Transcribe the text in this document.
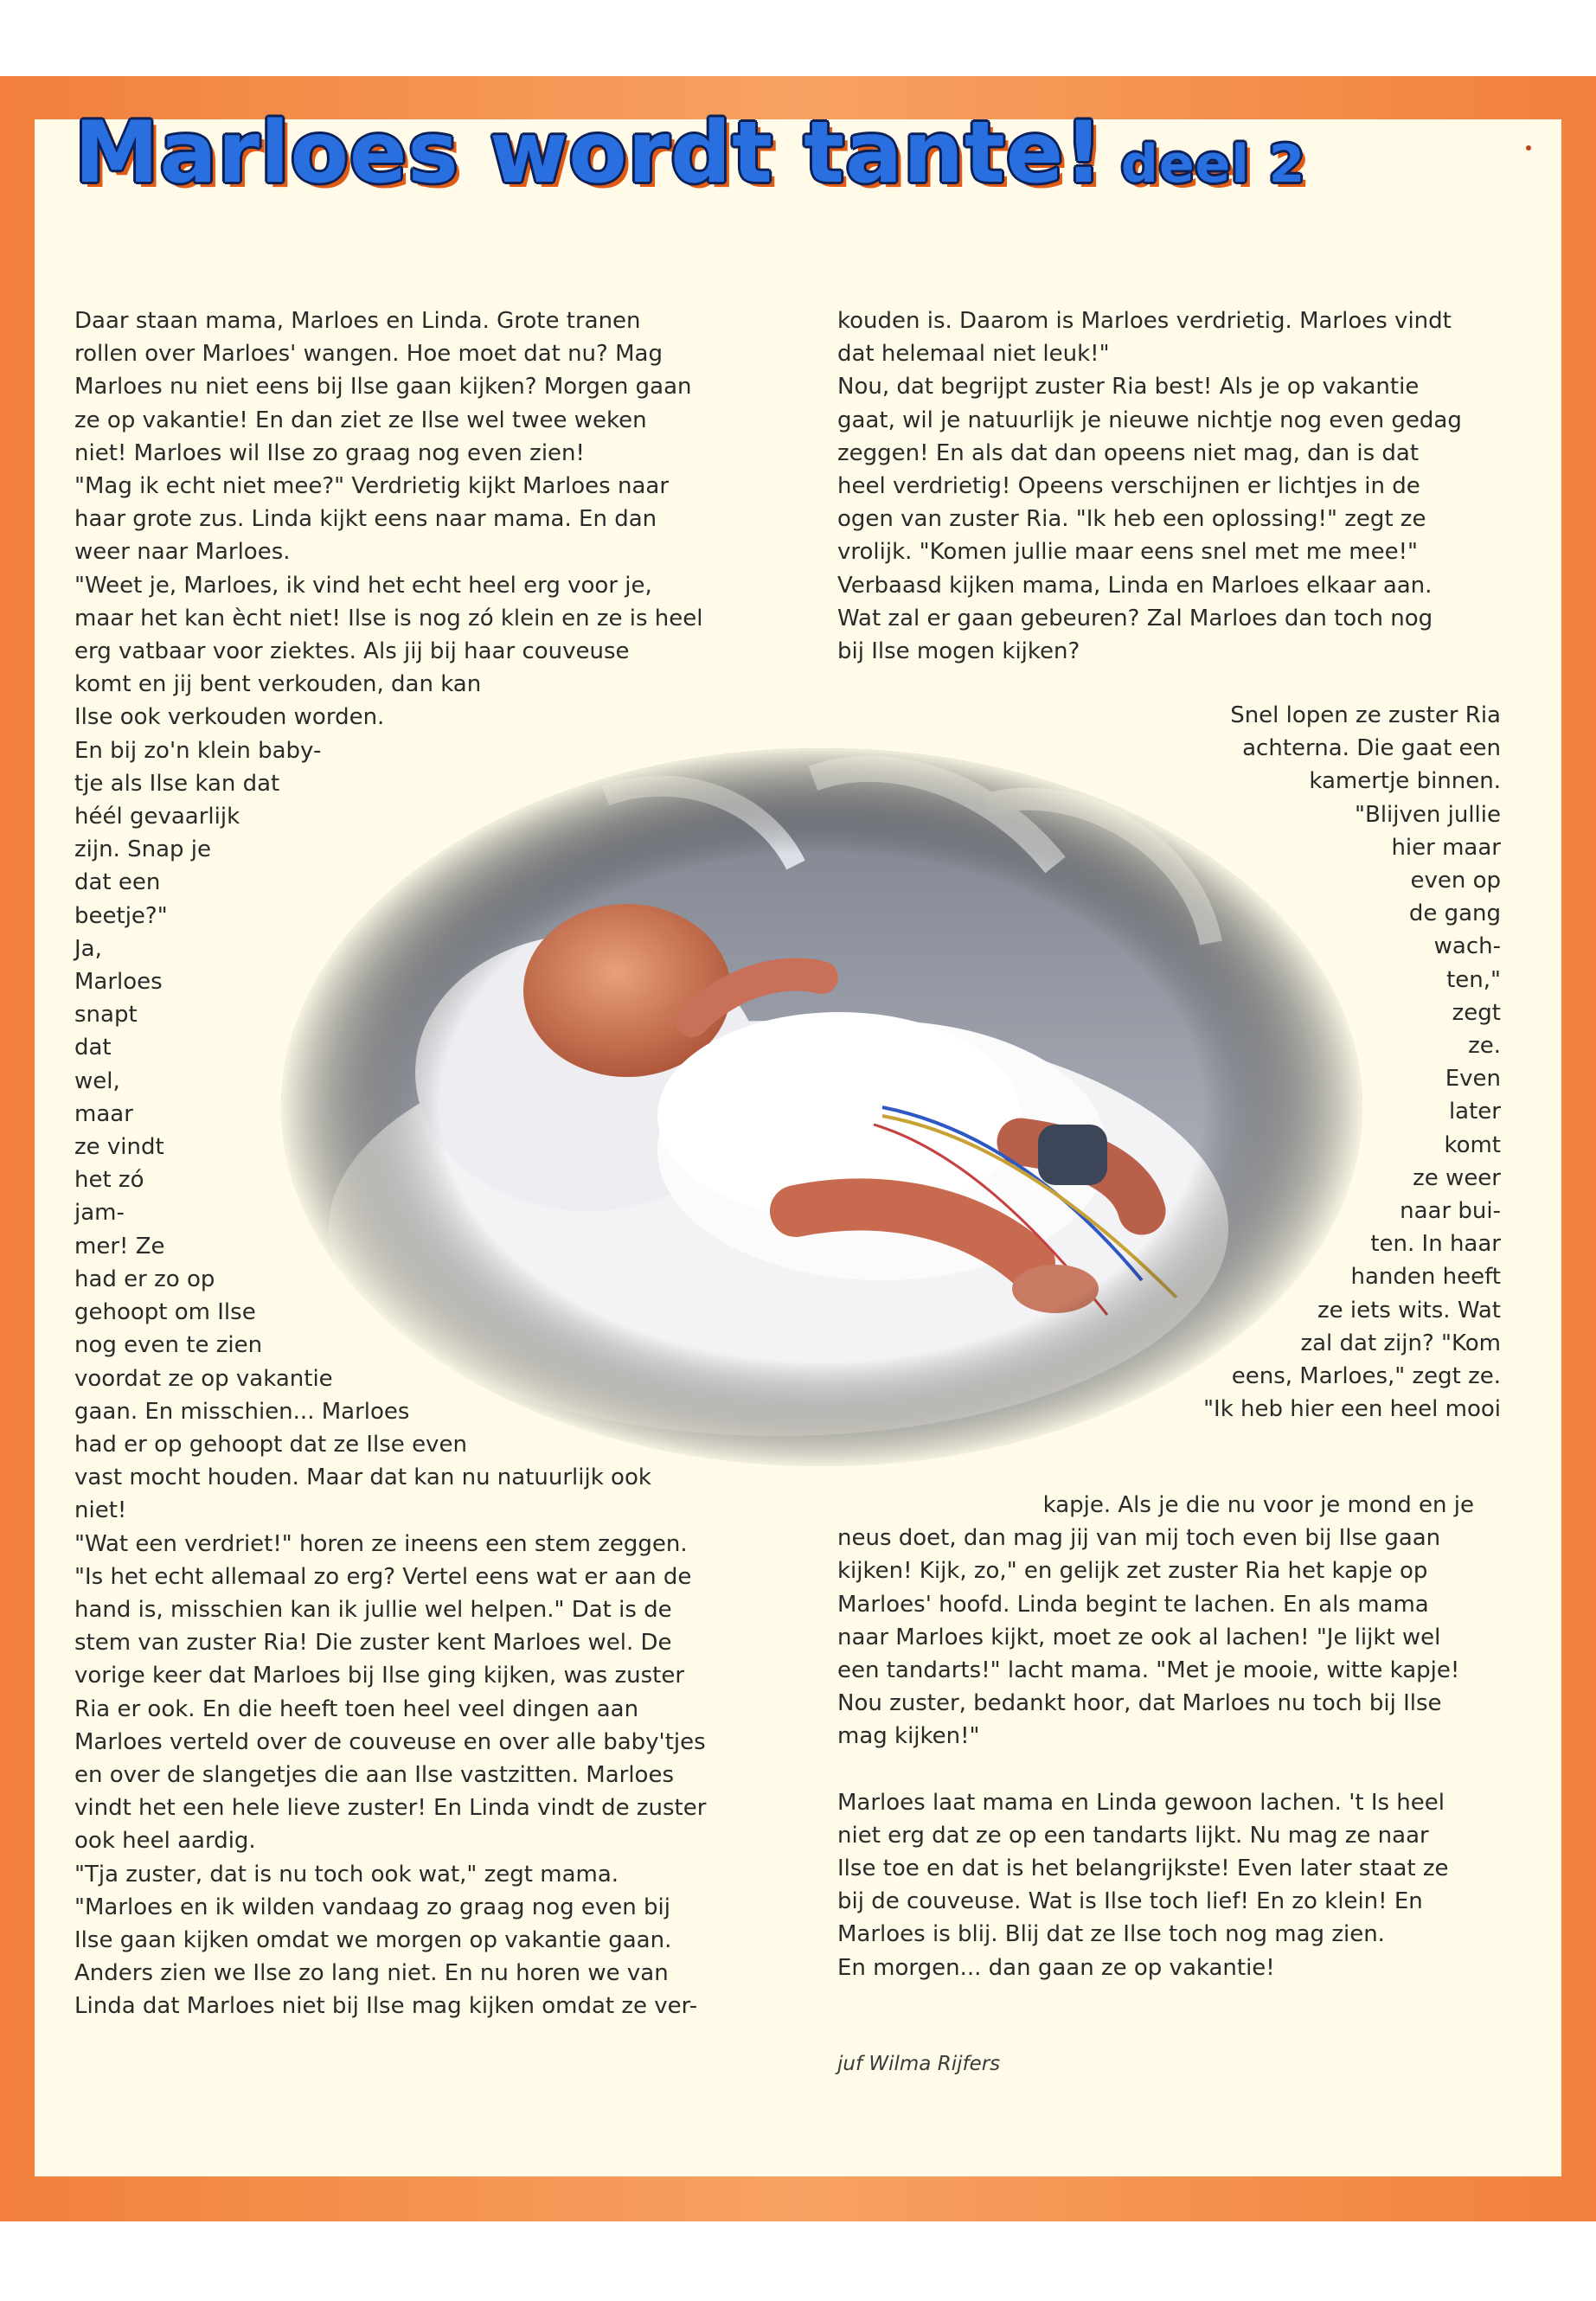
Marloes wordt tante! deel 2
Daar staan mama, Marloes en Linda. Grote tranen
rollen over Marloes' wangen. Hoe moet dat nu? Mag
Marloes nu niet eens bij Ilse gaan kijken? Morgen gaan
ze op vakantie! En dan ziet ze Ilse wel twee weken
niet! Marloes wil Ilse zo graag nog even zien!
"Mag ik echt niet mee?" Verdrietig kijkt Marloes naar
haar grote zus. Linda kijkt eens naar mama. En dan
weer naar Marloes.
"Weet je, Marloes, ik vind het echt heel erg voor je,
maar het kan ècht niet! Ilse is nog zó klein en ze is heel
erg vatbaar voor ziektes. Als jij bij haar couveuse
komt en jij bent verkouden, dan kan
Ilse ook verkouden worden.
En bij zo'n klein baby-
tje als Ilse kan dat
héél gevaarlijk
zijn. Snap je
dat een
beetje?"
Ja,
Marloes
snapt
dat
wel,
maar
ze vindt
het zó
jam-
mer! Ze
had er zo op
gehoopt om Ilse
nog even te zien
voordat ze op vakantie
gaan. En misschien... Marloes
had er op gehoopt dat ze Ilse even
vast mocht houden. Maar dat kan nu natuurlijk ook
niet!
"Wat een verdriet!" horen ze ineens een stem zeggen.
"Is het echt allemaal zo erg? Vertel eens wat er aan de
hand is, misschien kan ik jullie wel helpen." Dat is de
stem van zuster Ria! Die zuster kent Marloes wel. De
vorige keer dat Marloes bij Ilse ging kijken, was zuster
Ria er ook. En die heeft toen heel veel dingen aan
Marloes verteld over de couveuse en over alle baby'tjes
en over de slangetjes die aan Ilse vastzitten. Marloes
vindt het een hele lieve zuster! En Linda vindt de zuster
ook heel aardig.
"Tja zuster, dat is nu toch ook wat," zegt mama.
"Marloes en ik wilden vandaag zo graag nog even bij
Ilse gaan kijken omdat we morgen op vakantie gaan.
Anders zien we Ilse zo lang niet. En nu horen we van
Linda dat Marloes niet bij Ilse mag kijken omdat ze ver-
kouden is. Daarom is Marloes verdrietig. Marloes vindt
dat helemaal niet leuk!"
Nou, dat begrijpt zuster Ria best! Als je op vakantie
gaat, wil je natuurlijk je nieuwe nichtje nog even gedag
zeggen! En als dat dan opeens niet mag, dan is dat
heel verdrietig! Opeens verschijnen er lichtjes in de
ogen van zuster Ria. "Ik heb een oplossing!" zegt ze
vrolijk. "Komen jullie maar eens snel met me mee!"
Verbaasd kijken mama, Linda en Marloes elkaar aan.
Wat zal er gaan gebeuren? Zal Marloes dan toch nog
bij Ilse mogen kijken?
Snel lopen ze zuster Ria
achterna. Die gaat een
kamertje binnen.
"Blijven jullie
hier maar
even op
de gang
wach-
ten,"
zegt
ze.
Even
later
komt
ze weer
naar bui-
ten. In haar
handen heeft
ze iets wits. Wat
zal dat zijn? "Kom
eens, Marloes," zegt ze.
"Ik heb hier een heel mooi
kapje. Als je die nu voor je mond en je
neus doet, dan mag jij van mij toch even bij Ilse gaan
kijken! Kijk, zo," en gelijk zet zuster Ria het kapje op
Marloes' hoofd. Linda begint te lachen. En als mama
naar Marloes kijkt, moet ze ook al lachen! "Je lijkt wel
een tandarts!" lacht mama. "Met je mooie, witte kapje!
Nou zuster, bedankt hoor, dat Marloes nu toch bij Ilse
mag kijken!"
Marloes laat mama en Linda gewoon lachen. 't Is heel
niet erg dat ze op een tandarts lijkt. Nu mag ze naar
Ilse toe en dat is het belangrijkste! Even later staat ze
bij de couveuse. Wat is Ilse toch lief! En zo klein! En
Marloes is blij. Blij dat ze Ilse toch nog mag zien.
En morgen... dan gaan ze op vakantie!
juf Wilma Rijfers
